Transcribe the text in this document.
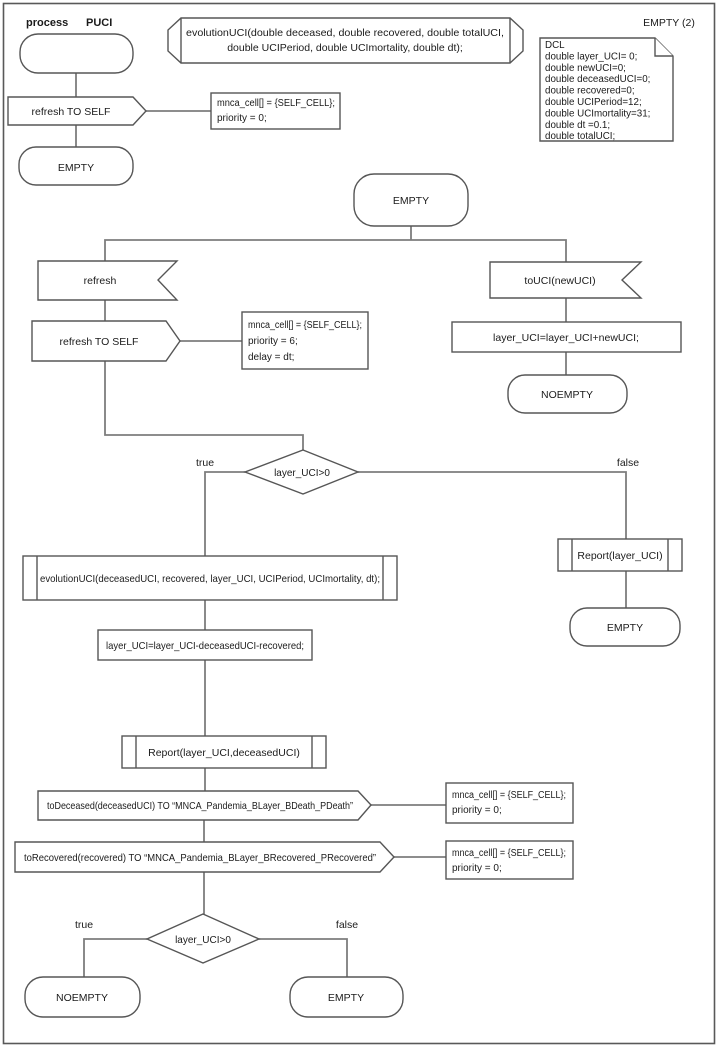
process PUCI	EMPTY (2)
evolutionUCI(double deceased, double recovered, double totalUCI,
double UCIPeriod, double UCImortality, double dt);	DCL
double layer_UCI= 0;
double newUCI=0;
double deceasedUCI=0;
double recovered=0;
double UCIPeriod=12;
double UCImortality=31;
double dt =0.1;
double totalUCI;
refresh TO SELF
mnca_cell[] = {SELF_CELL};
priority = 0;
EMPTY
EMPTY
refresh
refresh TO SELF
mnca_cell[] = {SELF_CELL};
priority = 6;
delay = dt;
toUCI(newUCI)
layer_UCI=layer_UCI+newUCI;
NOEMPTY
layer_UCI>0
true	false
Report(layer_UCI)
EMPTY
evolutionUCI(deceasedUCI, recovered, layer_UCI, UCIPeriod, UCImortality, dt);
layer_UCI=layer_UCI-deceasedUCI-recovered;
Report(layer_UCI,deceasedUCI)
toDeceased(deceasedUCI) TO “MNCA_Pandemia_BLayer_BDeath_PDeath”
mnca_cell[] = {SELF_CELL};
priority = 0;
toRecovered(recovered) TO “MNCA_Pandemia_BLayer_BRecovered_PRecovered”	mnca_cell[] = {SELF_CELL};
priority = 0;
layer_UCI>0
true	false
NOEMPTY	EMPTY
